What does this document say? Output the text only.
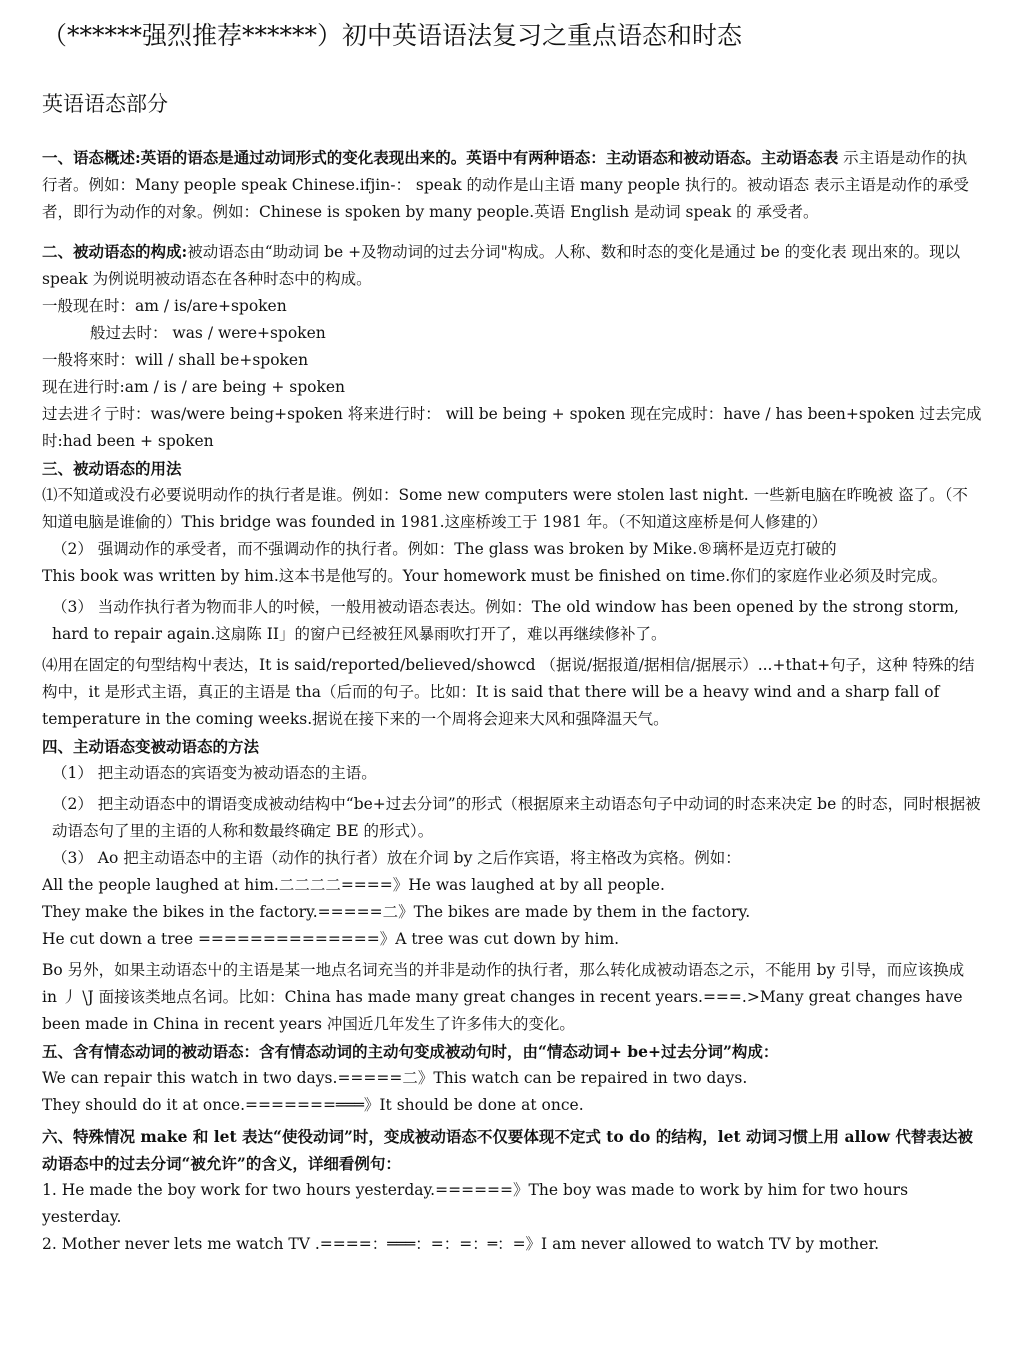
（******强烈推荐******）初中英语语法复习之重点语态和时态
英语语态部分

一、语态概述:英语的语态是通过动词形式的变化表现出来的。英语中有两种语态：主动语态和被动语态。主动语态表 示主语是动作的执行者。例如：Many people speak Chinese.ifjin-： speak 的动作是山主语 many people 执行的。被动语态 表示主语是动作的承受者，即行为动作的对象。例如：Chinese is spoken by many people.英语 English 是动词 speak 的 承受者。

二、被动语态的构成:被动语态由“助动词 be +及物动词的过去分词"构成。人称、数和时态的变化是通过 be 的变化表 现出來的。现以 speak 为例说明被动语态在各种时态中的构成。

一般现在时：am / is/are+spoken

般过去时： was / were+spoken

一般将來时：will / shall be+spoken

现在进行时:am / is / are being + spoken

过去进彳亍时：was/were being+spoken 将来进行时： will be being + spoken 现在完成时：have / has been+spoken 过去完成时:had been + spoken

三、被动语态的用法

⑴不知道或没冇必要说明动作的执行者是谁。例如：Some new computers were stolen last night. 一些新电脑在昨晚被 盗了。（不知道电脑是谁偷的）This bridge was founded in 1981.这座桥竣工于 1981 年。（不知道这座桥是何人修建的）

（2） 强调动作的承受者，而不强调动作的执行者。例如：The glass was broken by Mike.®璃杯是迈克打破的

This book was written by him.这本书是他写的。Your homework must be finished on time.你们的家庭作业必须及时完成。

（3） 当动作执行者为物而非人的吋候，一般用被动语态表达。例如：The old window has been opened by the strong storm, hard to repair again.这扇陈 II」的窗户已经被狂风暴雨吹打开了，难以再继续修补了。

⑷用在固定的句型结构屮表达，It is said/reported/believed/showcd （据说/据报道/据相信/据展示）...+that+句子，这种 特殊的结构中，it 是形式主语，真正的主语是 tha（后而的句子。比如：It is said that there will be a heavy wind and a sharp fall of temperature in the coming weeks.据说在接下来的一个周将会迎来大风和强降温天气。

四、主动语态变被动语态的方法

（1） 把主动语态的宾语变为被动语态的主语。

（2） 把主动语态中的谓语变成被动结构中“be+过去分词”的形式（根据原来主动语态句子中动词的时态来决定 be 的时态，同时根据被动语态句了里的主语的人称和数最终确定 BE 的形式）。

（3） Ao 把主动语态中的主语（动作的执行者）放在介词 by 之后作宾语，将主格改为宾格。例如：

All the people laughed at him.二二二二====》He was laughed at by all people.

They make the bikes in the factory.=====二》The bikes are made by them in the factory.

He cut down a tree ==============》A tree was cut down by him.

Bo 另外，如果主动语态屮的主语是某一地点名词充当的并非是动作的执行者，那么转化成被动语态之示，不能用 by 引导，而应该换成 in 丿 \J 面接该类地点名词。比如：China has made many great changes in recent years.===.>Many great changes have been made in China in recent years 冲国近几年发生了许多伟大的变化。

五、含有情态动词的被动语态：含有情态动词的主动句变成被动句时，由“情态动词+ be+过去分词”构成：

We can repair this watch in two days.=====二》This watch can be repaired in two days.

They should do it at once.=======═══》It should be done at once.

六、特殊情况 make 和 let 表达“使役动词”时，变成被动语态不仅要体现不定式 to do 的结构，let 动词习惯上用 allow 代替表达被动语态中的过去分词“被允许”的含义，详细看例句：

1. He made the boy work for two hours yesterday.======》The boy was made to work by him for two hours yesterday.

2. Mother never lets me watch TV .====：═══：=：=：═：=》I am never allowed to watch TV by mother.
